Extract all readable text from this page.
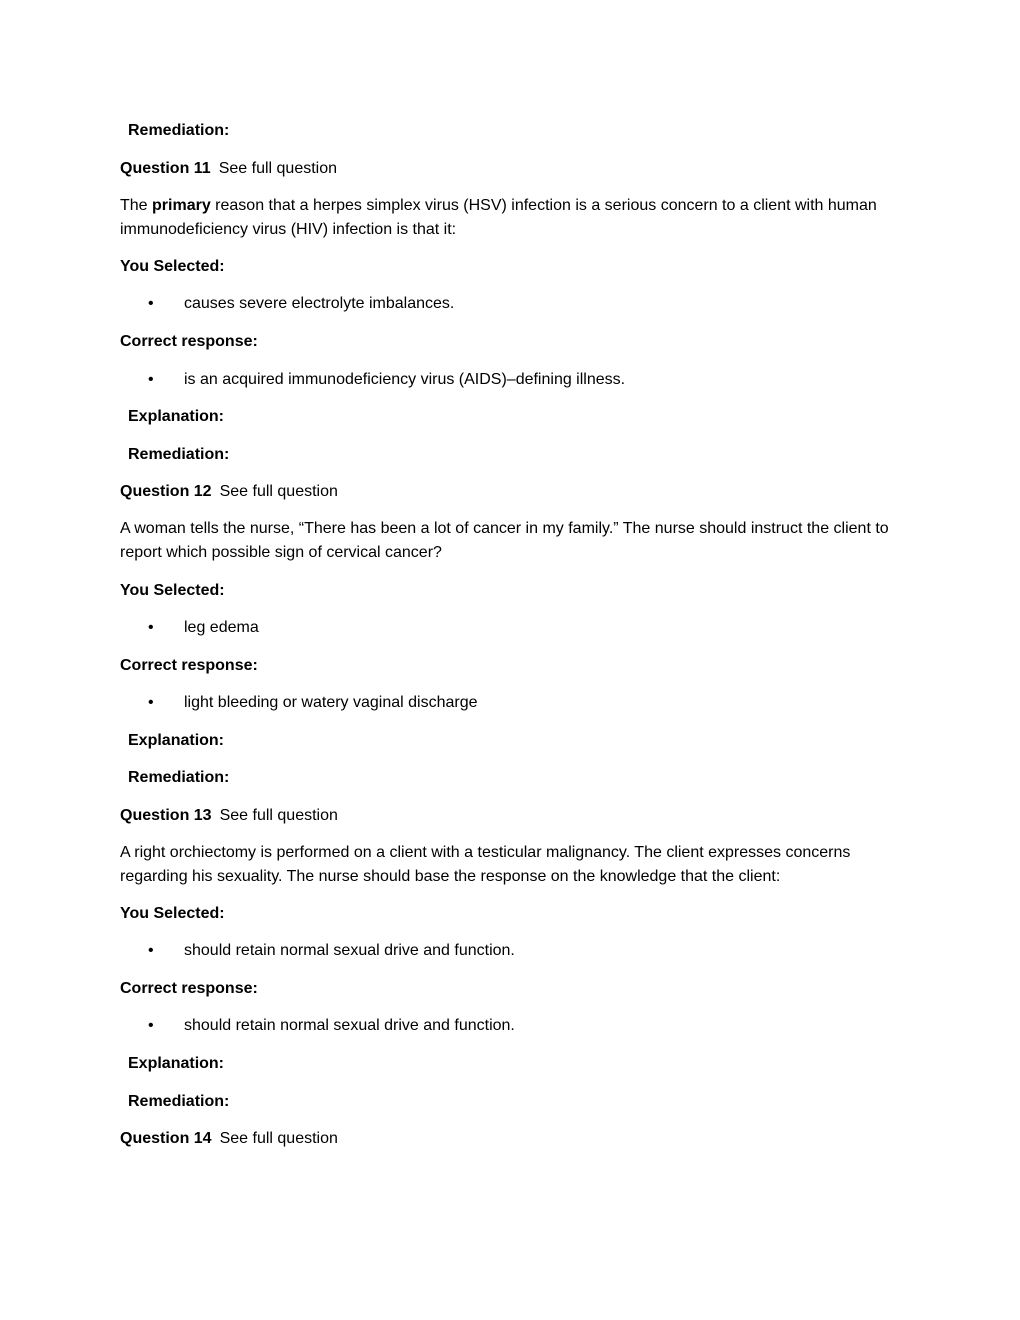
Remediation:
Question 11 See full question
The primary reason that a herpes simplex virus (HSV) infection is a serious concern to a client with human immunodeficiency virus (HIV) infection is that it:
You Selected:
• causes severe electrolyte imbalances.
Correct response:
• is an acquired immunodeficiency virus (AIDS)–defining illness.
Explanation:
Remediation:
Question 12 See full question
A woman tells the nurse, “There has been a lot of cancer in my family.” The nurse should instruct the client to report which possible sign of cervical cancer?
You Selected:
• leg edema
Correct response:
• light bleeding or watery vaginal discharge
Explanation:
Remediation:
Question 13 See full question
A right orchiectomy is performed on a client with a testicular malignancy. The client expresses concerns regarding his sexuality. The nurse should base the response on the knowledge that the client:
You Selected:
• should retain normal sexual drive and function.
Correct response:
• should retain normal sexual drive and function.
Explanation:
Remediation:
Question 14 See full question
